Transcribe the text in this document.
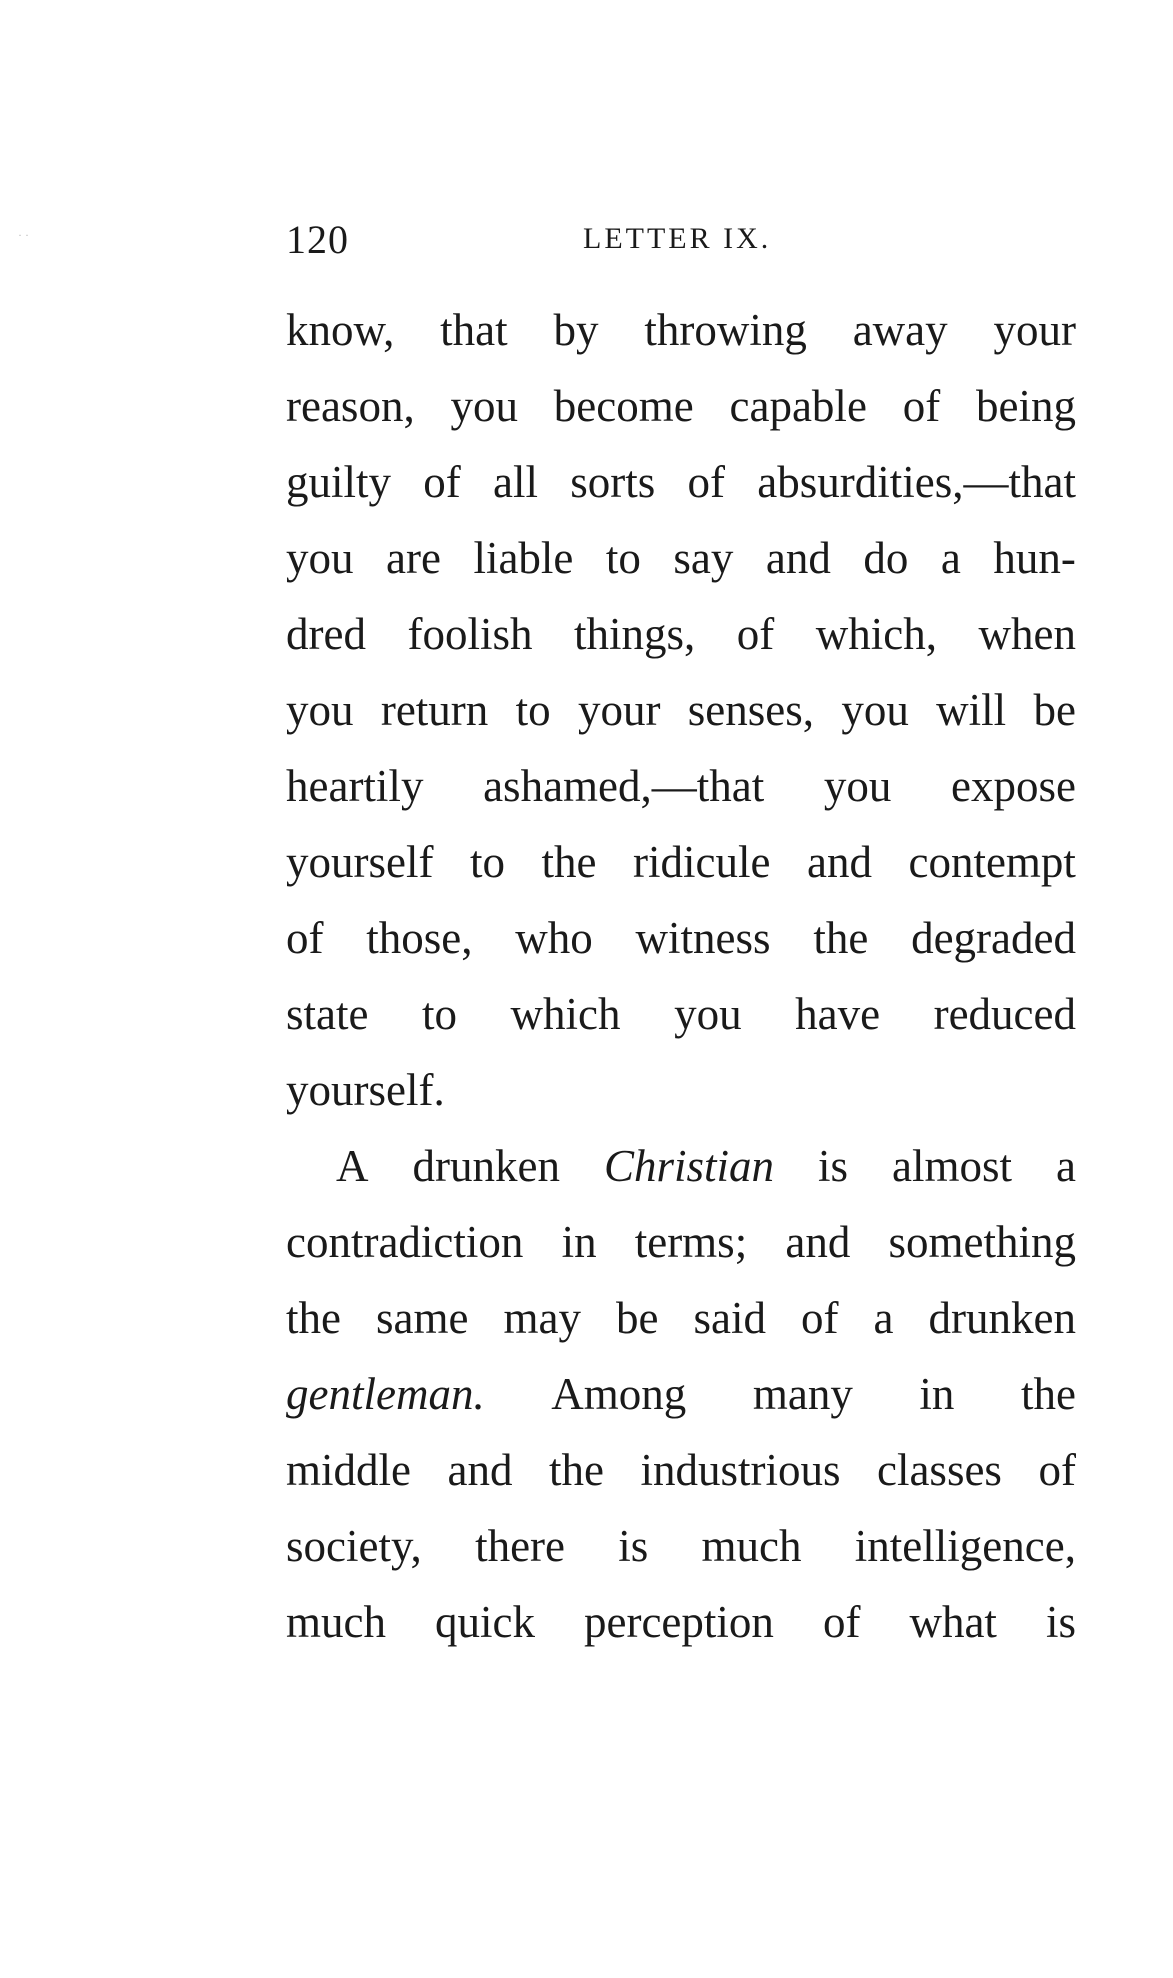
· ·	120	LETTER IX.
know, that by throwing away your
reason, you become capable of being
guilty of all sorts of absurdities,—that
you are liable to say and do a hun-
dred foolish things, of which, when
you return to your senses, you will be
heartily ashamed,—that you expose
yourself to the ridicule and contempt
of those, who witness the degraded
state to which you have reduced
yourself.
A drunken Christian is almost a
contradiction in terms; and something
the same may be said of a drunken
gentleman. Among many in the
middle and the industrious classes of
society, there is much intelligence,
much quick perception of what is
